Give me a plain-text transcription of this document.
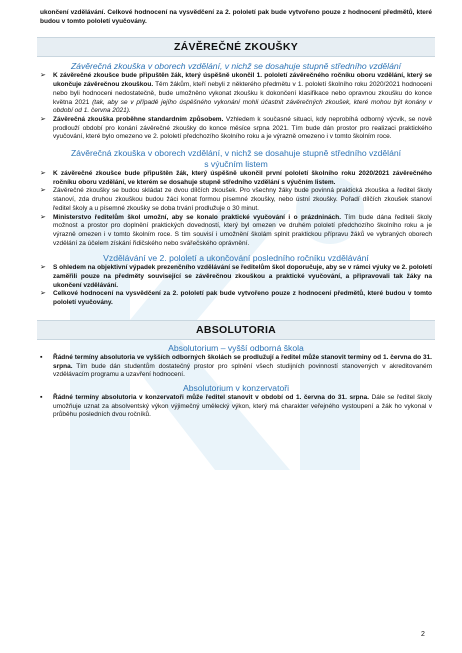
ukončení vzdělávání. Celkové hodnocení na vysvědčení za 2. pololetí pak bude vytvořeno pouze z hodnocení předmětů, které budou v tomto pololetí vyučovány.

ZÁVĚREČNÉ ZKOUŠKY
Závěrečná zkouška v oborech vzdělání, v nichž se dosahuje stupně středního vzdělání
➢ K závěrečné zkoušce bude připuštěn žák, který úspěšně ukončil 1. pololetí závěrečného ročníku oboru vzdělání, který se ukončuje závěrečnou zkouškou. Těm žákům, kteří nebyli z některého předmětu v 1. pololetí školního roku 2020/2021 hodnoceni nebo byli hodnoceni nedostatečně, bude umožněno vykonat zkoušku k dokončení klasifikace nebo opravnou zkoušku do konce května 2021 (tak, aby se v případě jejího úspěšného vykonání mohli účastnit závěrečných zkoušek, které mohou být konány v období od 1. června 2021).

➢ Závěrečná zkouška proběhne standardním způsobem. Vzhledem k současné situaci, kdy neprobíhá odborný výcvik, se nově prodlouží období pro konání závěrečné zkoušky do konce měsíce srpna 2021. Tím bude dán prostor pro realizaci praktického vyučování, které bylo omezeno ve 2. pololetí předchozího školního roku a je výrazně omezeno i v tomto školním roce.

Závěrečná zkouška v oborech vzdělání, v nichž se dosahuje stupně středního vzdělání
s výučním listem
➢ K závěrečné zkoušce bude připuštěn žák, který úspěšně ukončil první pololetí školního roku 2020/2021 závěrečného ročníku oboru vzdělání, ve kterém se dosahuje stupně středního vzdělání s výučním listem.

➢ Závěrečné zkoušky se budou skládat ze dvou dílčích zkoušek. Pro všechny žáky bude povinná praktická zkouška a ředitel školy stanoví, zda druhou zkouškou budou žáci konat formou písemné zkoušky, nebo ústní zkoušky. Pořadí dílčích zkoušek stanoví ředitel školy a u písemné zkoušky se doba trvání prodlužuje o 30 minut.

➢ Ministerstvo ředitelům škol umožní, aby se konalo praktické vyučování i o prázdninách. Tím bude dána řediteli školy možnost a prostor pro doplnění praktických dovedností, který byl omezen ve druhém pololetí předchozího školního roku a je výrazně omezen i v tomto školním roce. S tím souvisí i umožnění školám splnit praktickou přípravu žáků ve vybraných oborech vzdělání za účelem získání řidičského nebo svářečského oprávnění.

Vzdělávání ve 2. pololetí a ukončování posledního ročníku vzdělávání
➢ S ohledem na objektivní výpadek prezenčního vzdělávání se ředitelům škol doporučuje, aby se v rámci výuky ve 2. pololetí zaměřili pouze na předměty související se závěrečnou zkouškou a praktické vyučování, a připravovali tak žáky na ukončení vzdělávání.

➢ Celkové hodnocení na vysvědčení za 2. pololetí pak bude vytvořeno pouze z hodnocení předmětů, které budou v tomto pololetí vyučovány.

ABSOLUTORIA
Absolutorium – vyšší odborná škola
▪ Řádné termíny absolutoria ve vyšších odborných školách se prodlužují a ředitel může stanovit terminy od 1. června do 31. srpna. Tím bude dán studentům dostatečný prostor pro splnění všech studijních povinností stanovených v akreditovaném vzdělávacím programu a uzavření hodnocení.

Absolutorium v konzervatoři
▪ Řádné termíny absolutoria v konzervatoři může ředitel stanovit v období od 1. června do 31. srpna. Dále se ředitel školy umožňuje uznat za absolventský výkon výjimečný umělecký výkon, který má charakter veřejného vystoupení a žák ho vykonal v průběhu posledních dvou ročníků.

2
